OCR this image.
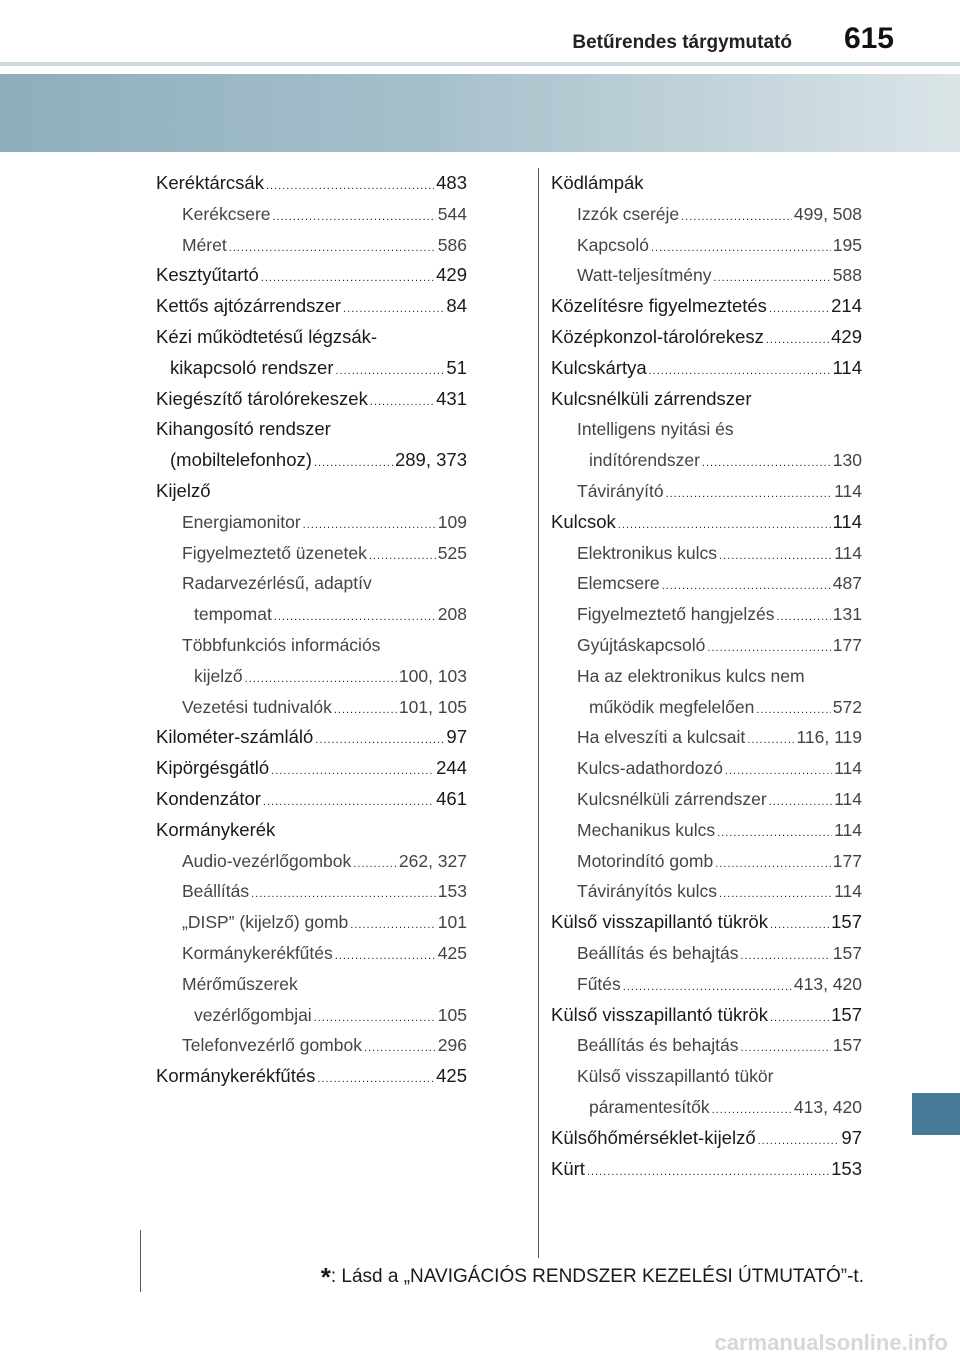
Betűrendes tárgymutató 615
Keréktárcsák .....	483
Kerékcsere .....	544
Méret .....	586
Kesztyűtartó .....	429
Kettős ajtózárrendszer .....	84
Kézi működtetésű légzsák-
kikapcsoló rendszer .....	51
Kiegészítő tárolórekeszek .....	431
Kihangosító rendszer
(mobiltelefonhoz) .....	289, 373
Kijelző
Energiamonitor .....	109
Figyelmeztető üzenetek .....	525
Radarvezérlésű, adaptív
tempomat .....	208
Többfunkciós információs
kijelző .....	100, 103
Vezetési tudnivalók .....	101, 105
Kilométer-számláló .....	97
Kipörgésgátló .....	244
Kondenzátor .....	461
Kormánykerék
Audio-vezérlőgombok .....	262, 327
Beállítás .....	153
„DISP” (kijelző) gomb .....	101
Kormánykerékfűtés .....	425
Mérőműszerek
vezérlőgombjai .....	105
Telefonvezérlő gombok .....	296
Kormánykerékfűtés .....	425
Ködlámpák
Izzók cseréje .....	499, 508
Kapcsoló .....	195
Watt-teljesítmény .....	588
Közelítésre figyelmeztetés .....	214
Középkonzol-tárolórekesz .....	429
Kulcskártya .....	114
Kulcsnélküli zárrendszer
Intelligens nyitási és
indítórendszer .....	130
Távirányító .....	114
Kulcsok .....	114
Elektronikus kulcs .....	114
Elemcsere .....	487
Figyelmeztető hangjelzés .....	131
Gyújtáskapcsoló .....	177
Ha az elektronikus kulcs nem
működik megfelelően .....	572
Ha elveszíti a kulcsait .....	116, 119
Kulcs-adathordozó .....	114
Kulcsnélküli zárrendszer .....	114
Mechanikus kulcs .....	114
Motorindító gomb .....	177
Távirányítós kulcs .....	114
Külső visszapillantó tükrök .....	157
Beállítás és behajtás .....	157
Fűtés .....	413, 420
Külső visszapillantó tükrök .....	157
Beállítás és behajtás .....	157
Külső visszapillantó tükör
páramentesítők .....	413, 420
Külsőhőmérséklet-kijelző .....	97
Kürt .....	153
*: Lásd a „NAVIGÁCIÓS RENDSZER KEZELÉSI ÚTMUTATÓ”-t.
carmanualsonline.info
